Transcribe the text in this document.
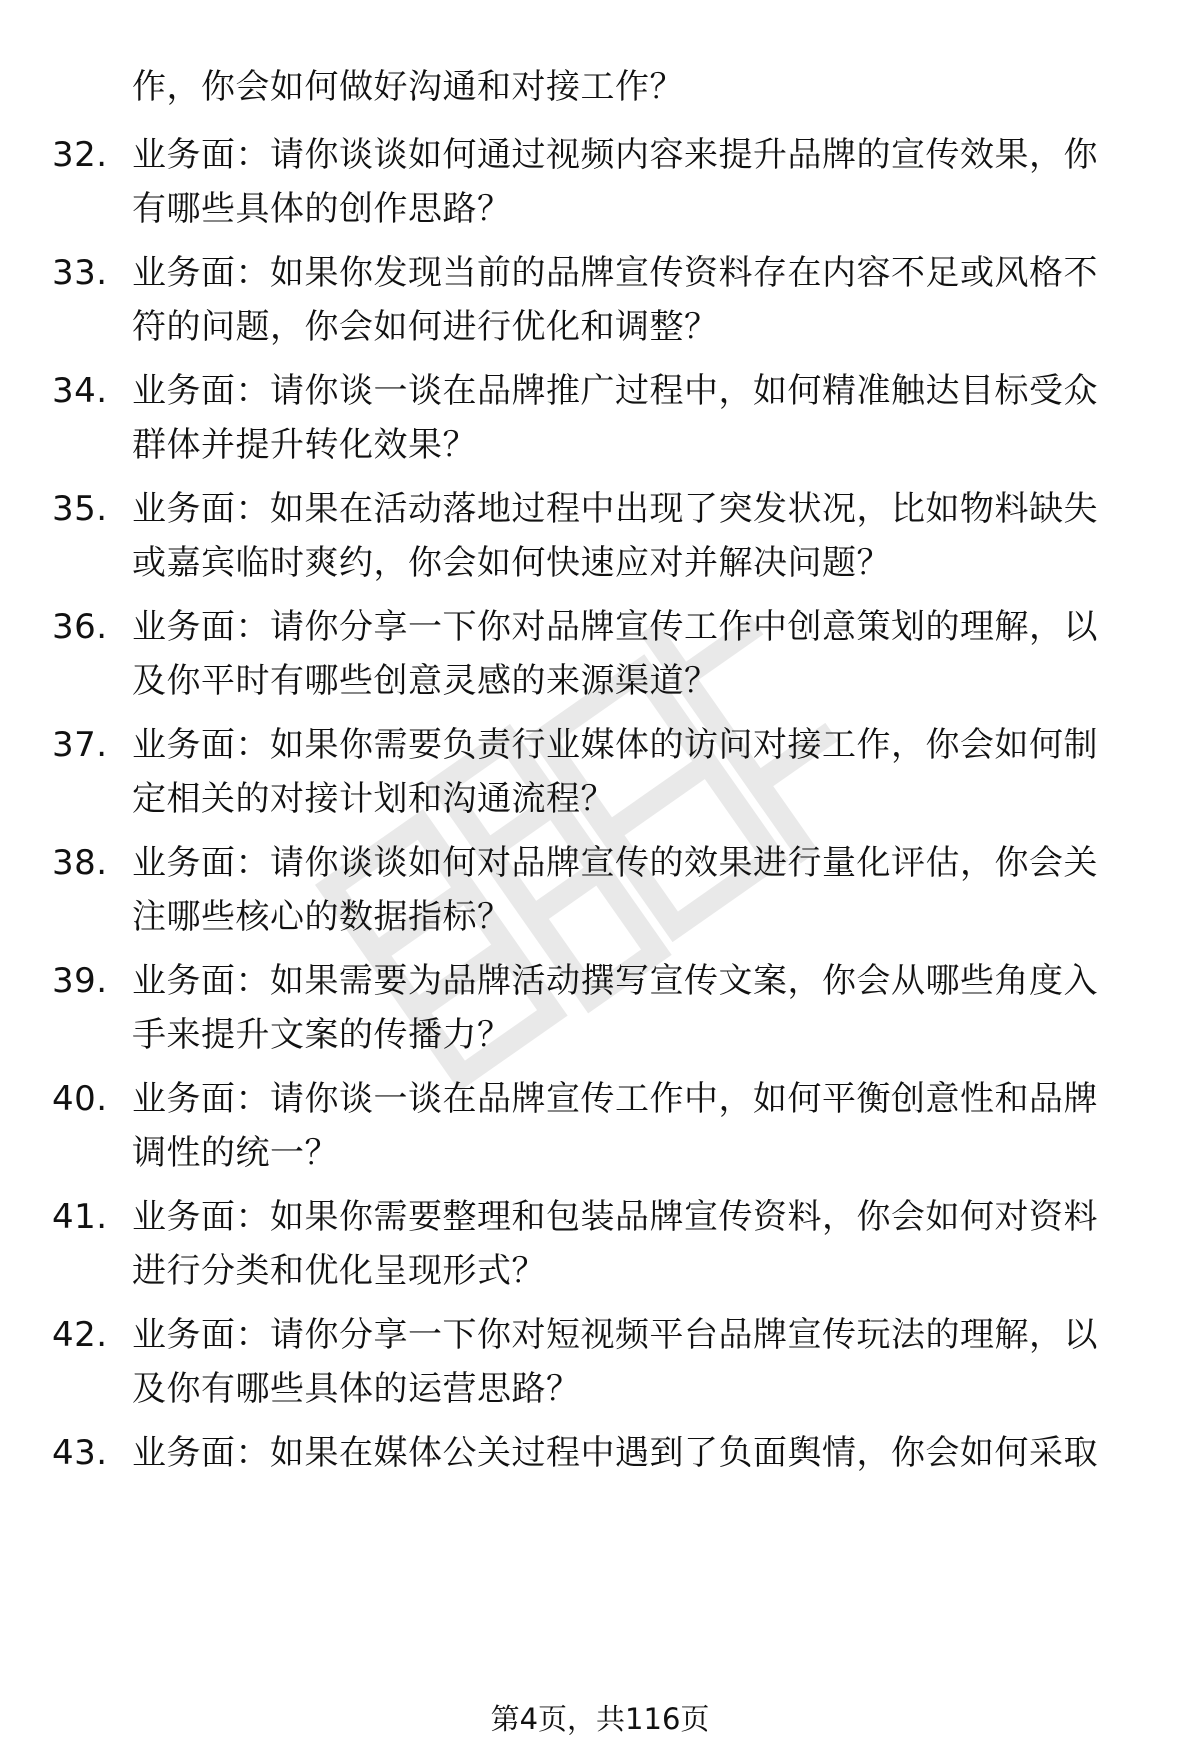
作，你会如何做好沟通和对接工作？
32. 业务面：请你谈谈如何通过视频内容来提升品牌的宣传效果，你
有哪些具体的创作思路？
33. 业务面：如果你发现当前的品牌宣传资料存在内容不足或风格不
符的问题，你会如何进行优化和调整？
34. 业务面：请你谈一谈在品牌推广过程中，如何精准触达目标受众
群体并提升转化效果？
35. 业务面：如果在活动落地过程中出现了突发状况，比如物料缺失
或嘉宾临时爽约，你会如何快速应对并解决问题？
36. 业务面：请你分享一下你对品牌宣传工作中创意策划的理解，以
及你平时有哪些创意灵感的来源渠道？
37. 业务面：如果你需要负责行业媒体的访问对接工作，你会如何制
定相关的对接计划和沟通流程？
38. 业务面：请你谈谈如何对品牌宣传的效果进行量化评估，你会关
注哪些核心的数据指标？
39. 业务面：如果需要为品牌活动撰写宣传文案，你会从哪些角度入
手来提升文案的传播力？
40. 业务面：请你谈一谈在品牌宣传工作中，如何平衡创意性和品牌
调性的统一？
41. 业务面：如果你需要整理和包装品牌宣传资料，你会如何对资料
进行分类和优化呈现形式？
42. 业务面：请你分享一下你对短视频平台品牌宣传玩法的理解，以
及你有哪些具体的运营思路？
43. 业务面：如果在媒体公关过程中遇到了负面舆情，你会如何采取
第4页，共116页
